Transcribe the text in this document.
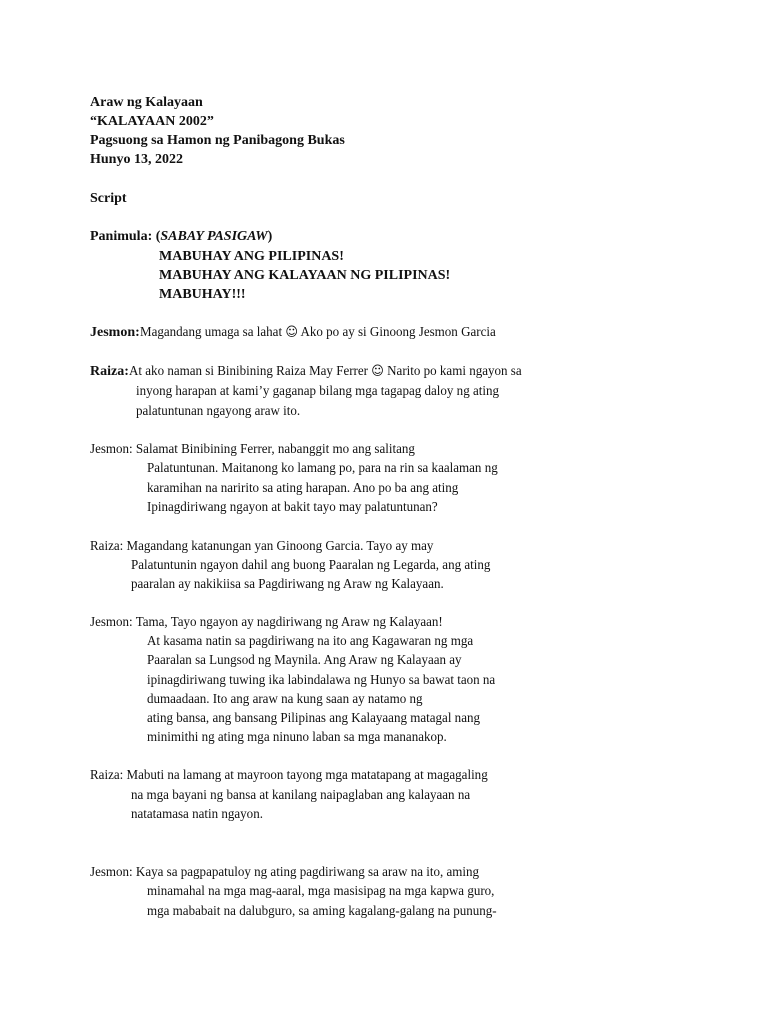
Araw ng Kalayaan
“KALAYAAN 2002”
Pagsuong sa Hamon ng Panibagong Bukas
Hunyo 13, 2022
Script
Panimula: (SABAY PASIGAW)
MABUHAY ANG PILIPINAS!
MABUHAY ANG KALAYAAN NG PILIPINAS!
MABUHAY!!!
Jesmon:Magandang umaga sa lahat ☺ Ako po ay si Ginoong Jesmon Garcia
Raiza:At ako naman si Binibining Raiza May Ferrer ☺ Narito po kami ngayon sa
inyong harapan at kami’y gaganap bilang mga tagapag daloy ng ating
palatuntunan ngayong araw ito.
Jesmon: Salamat Binibining Ferrer, nabanggit mo ang salitang
Palatuntunan. Maitanong ko lamang po, para na rin sa kaalaman ng
karamihan na naririto sa ating harapan. Ano po ba ang ating
Ipinagdiriwang ngayon at bakit tayo may palatuntunan?
Raiza: Magandang katanungan yan Ginoong Garcia. Tayo ay may
Palatuntunin ngayon dahil ang buong Paaralan ng Legarda, ang ating
paaralan ay nakikiisa sa Pagdiriwang ng Araw ng Kalayaan.
Jesmon: Tama, Tayo ngayon ay nagdiriwang ng Araw ng Kalayaan!
At kasama natin sa pagdiriwang na ito ang Kagawaran ng mga
Paaralan sa Lungsod ng Maynila. Ang Araw ng Kalayaan ay
ipinagdiriwang tuwing ika labindalawa ng Hunyo sa bawat taon na
dumaadaan. Ito ang araw na kung saan ay natamo ng
ating bansa, ang bansang Pilipinas ang Kalayaang matagal nang
minimithi ng ating mga ninuno laban sa mga mananakop.
Raiza: Mabuti na lamang at mayroon tayong mga matatapang at magagaling
na mga bayani ng bansa at kanilang naipaglaban ang kalayaan na
natatamasa natin ngayon.
Jesmon: Kaya sa pagpapatuloy ng ating pagdiriwang sa araw na ito, aming
minamahal na mga mag-aaral, mga masisipag na mga kapwa guro,
mga mababait na dalubguro, sa aming kagalang-galang na punung-
